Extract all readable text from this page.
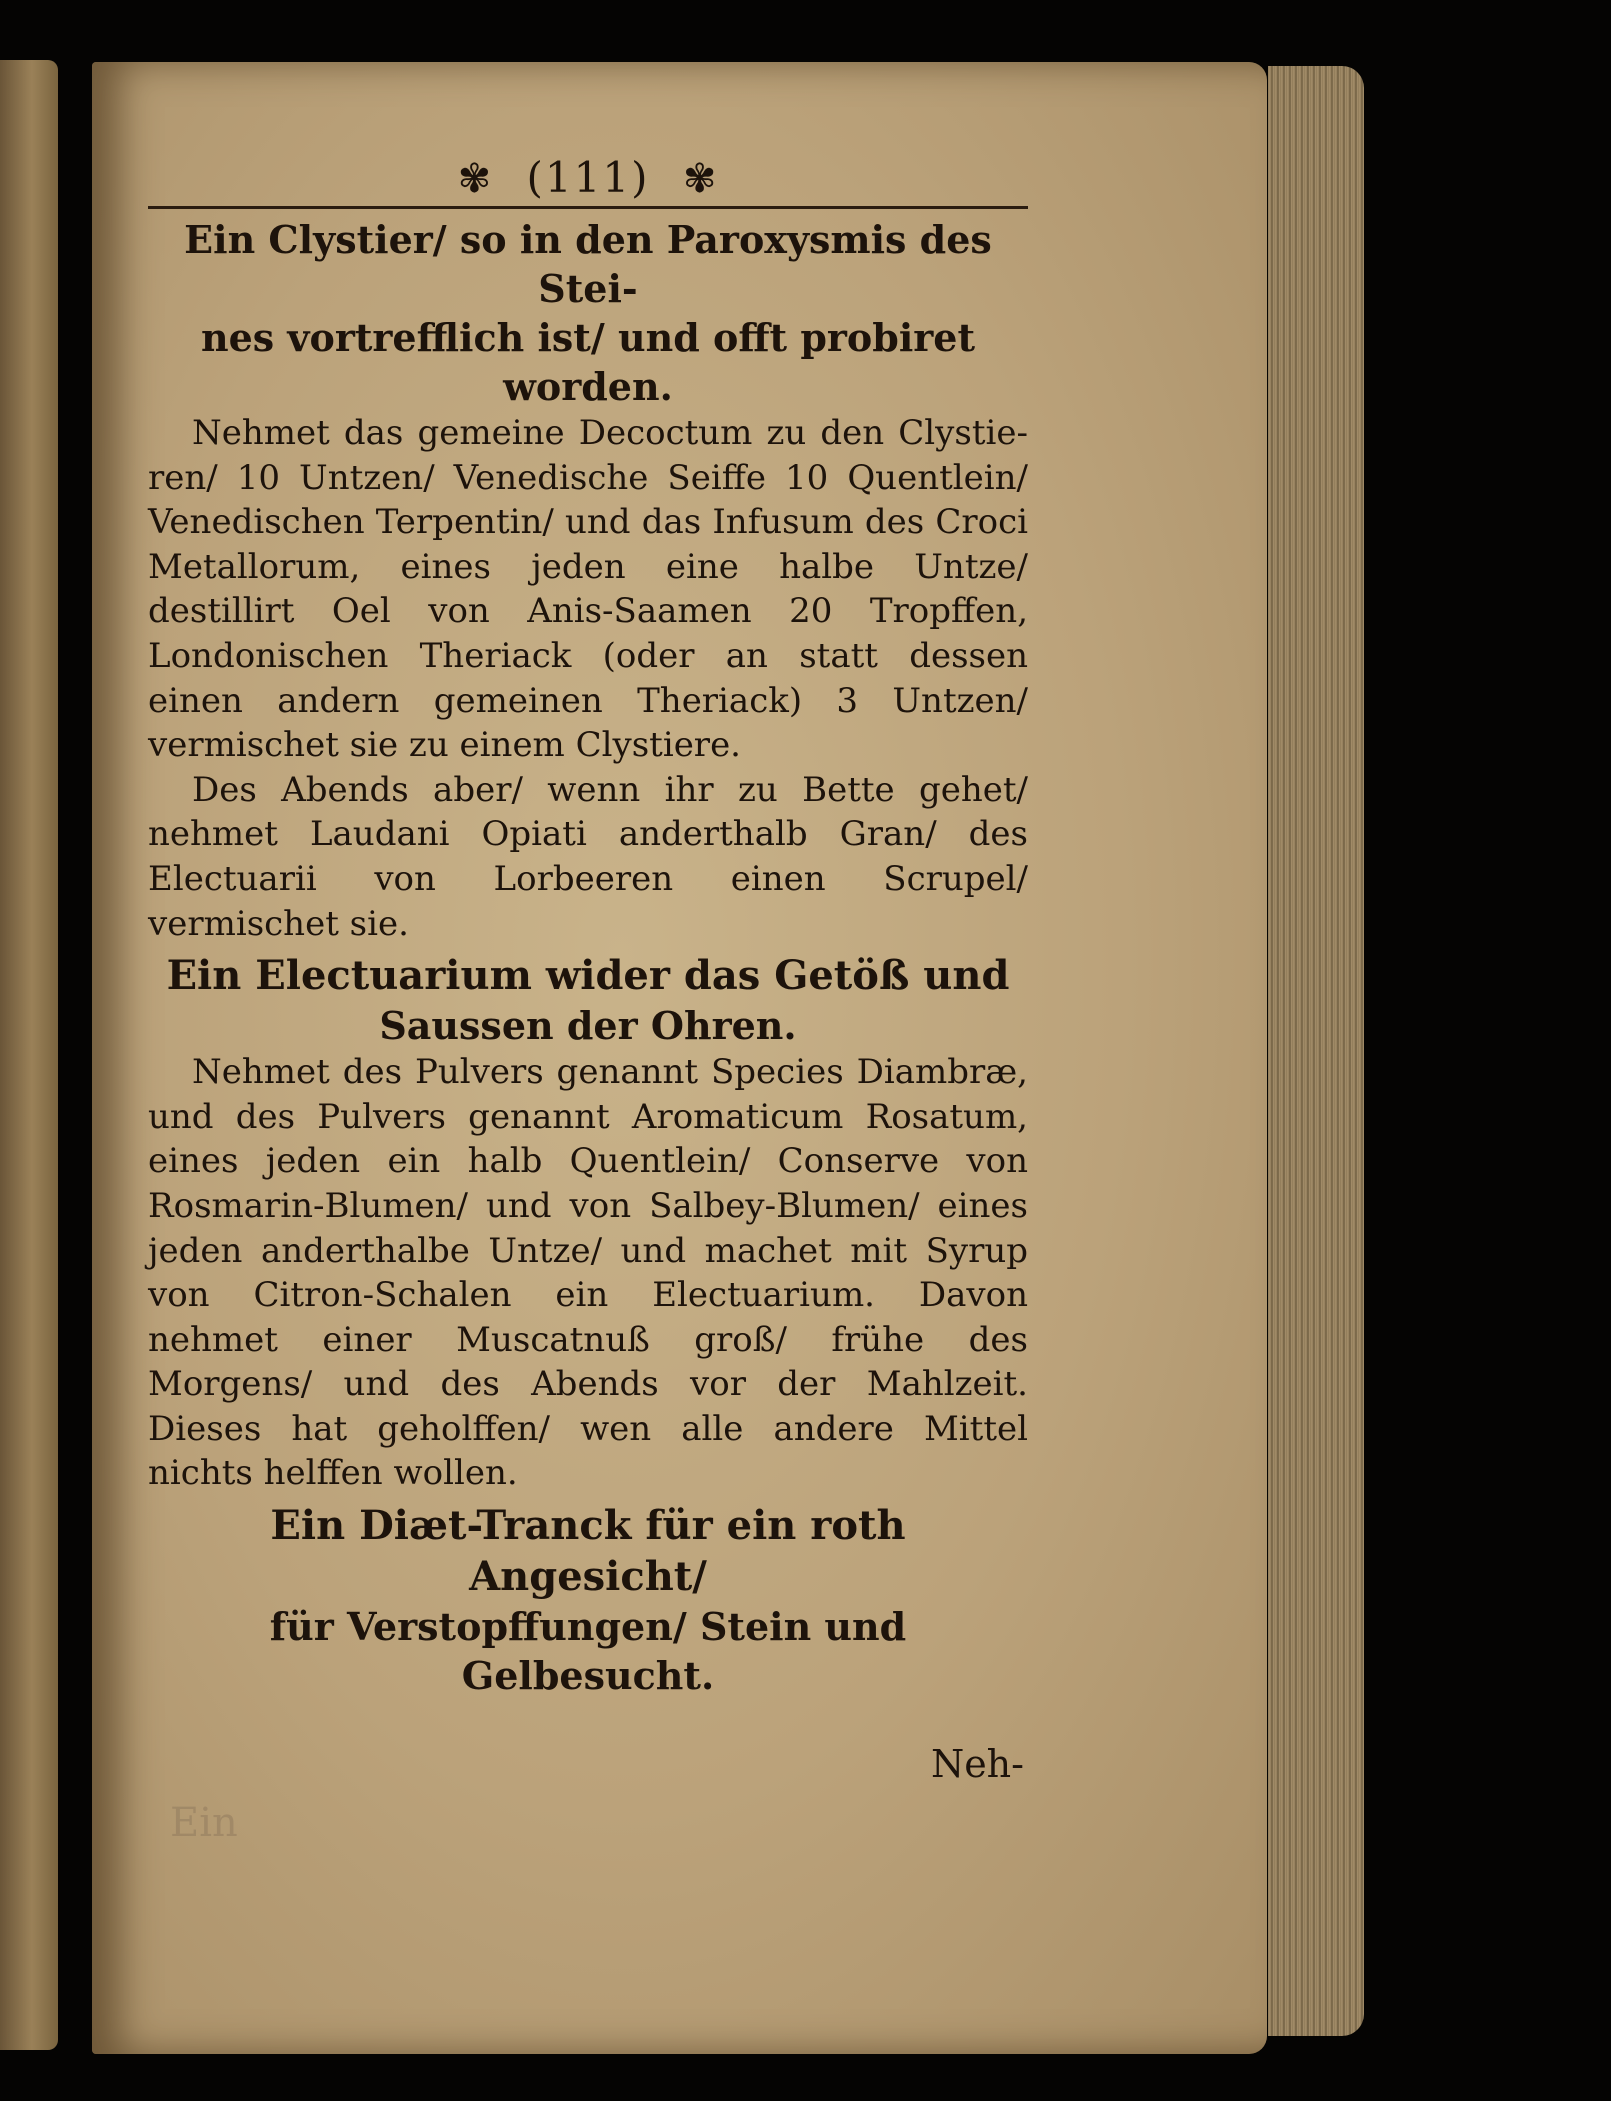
Ein
✾ (111) ✾

Ein Clystier/ so in den Paroxysmis des Stei-

nes vortrefflich ist/ und offt probiret

worden.

Nehmet das gemeine Decoctum zu den Clystie-ren/ 10 Untzen/ Venedische Seiffe 10 Quentlein/ Venedischen Terpentin/ und das Infusum des Croci Metallorum, eines jeden eine halbe Untze/ destillirt Oel von Anis-Saamen 20 Tropffen, Londonischen Theriack (oder an statt dessen einen andern gemeinen Theriack) 3 Untzen/ vermischet sie zu einem Clystiere.

Des Abends aber/ wenn ihr zu Bette gehet/ nehmet Laudani Opiati anderthalb Gran/ des Electuarii von Lorbeeren einen Scrupel/ vermischet sie.

Ein Electuarium wider das Getöß und

Saussen der Ohren.

Nehmet des Pulvers genannt Species Diambræ, und des Pulvers genannt Aromaticum Rosatum, eines jeden ein halb Quentlein/ Conserve von Rosmarin-Blumen/ und von Salbey-Blumen/ eines jeden anderthalbe Untze/ und machet mit Syrup von Citron-Schalen ein Electuarium. Davon nehmet einer Muscatnuß groß/ frühe des Morgens/ und des Abends vor der Mahlzeit. Dieses hat geholffen/ wen alle andere Mittel nichts helffen wollen.

Ein Diæt-Tranck für ein roth Angesicht/

für Verstopffungen/ Stein und

Gelbesucht.

Neh-
